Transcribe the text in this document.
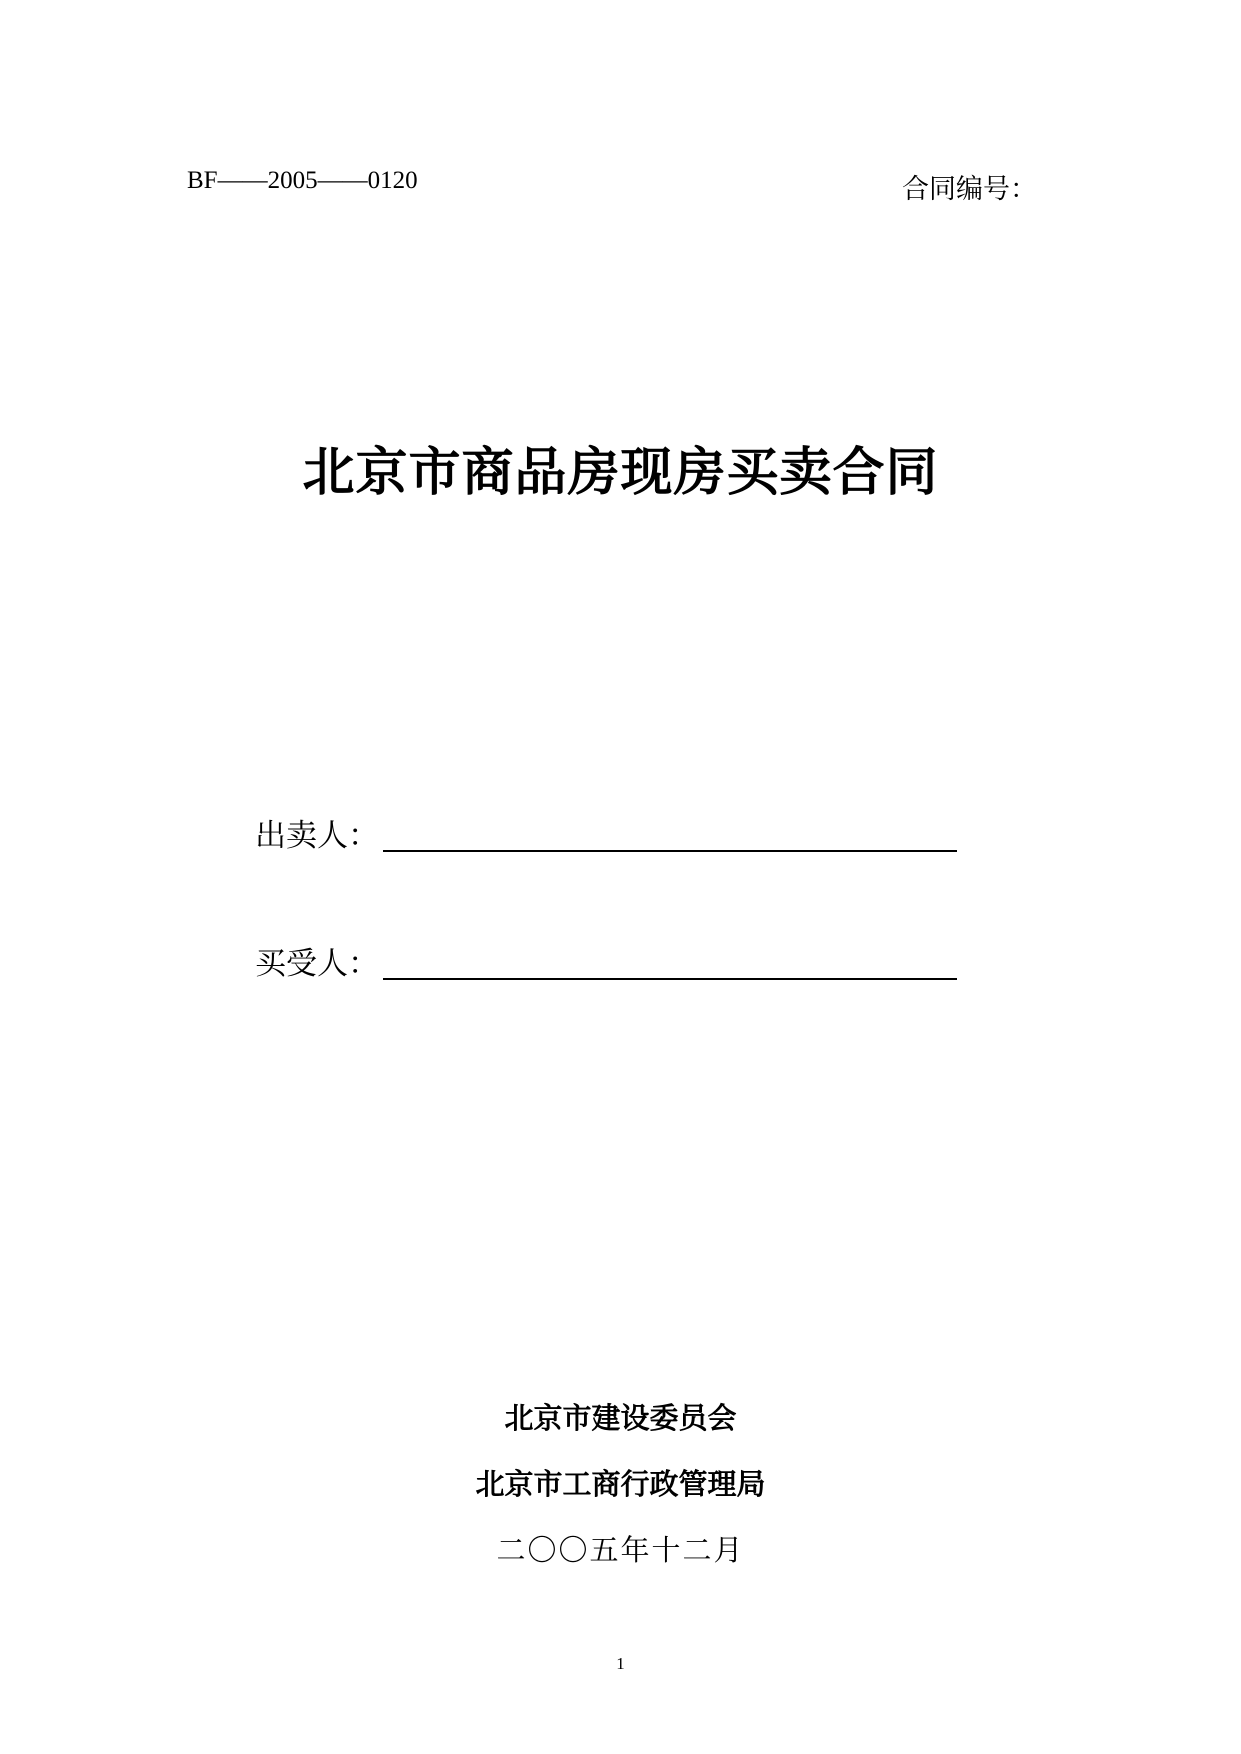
BF——2005——0120	合同编号：
北京市商品房现房买卖合同
出卖人：
买受人：
北京市建设委员会
北京市工商行政管理局
二〇〇五年十二月
1
